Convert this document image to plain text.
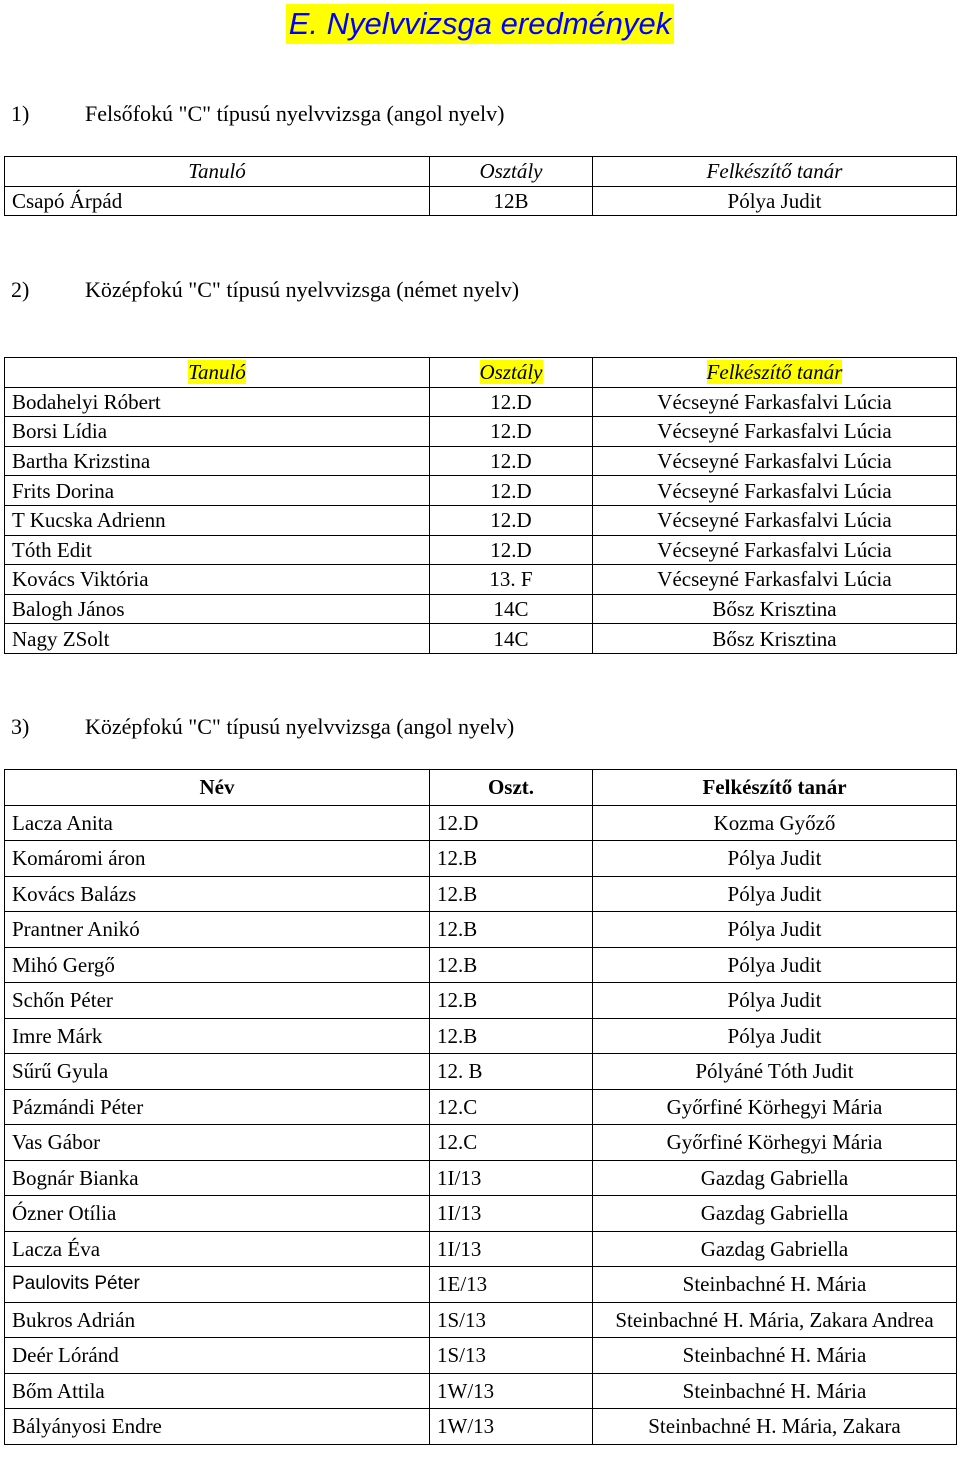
E. Nyelvvizsga eredmények
1)	Felsőfokú "C" típusú nyelvvizsga (angol nyelv)
Tanuló	Osztály	Felkészítő tanár
Csapó Árpád	12B	Pólya Judit
2)	Középfokú "C" típusú nyelvvizsga (német nyelv)
Tanuló	Osztály	Felkészítő tanár
Bodahelyi Róbert	12.D	Vécseyné Farkasfalvi Lúcia
Borsi Lídia	12.D	Vécseyné Farkasfalvi Lúcia
Bartha Krizstina	12.D	Vécseyné Farkasfalvi Lúcia
Frits Dorina	12.D	Vécseyné Farkasfalvi Lúcia
T Kucska Adrienn	12.D	Vécseyné Farkasfalvi Lúcia
Tóth Edit	12.D	Vécseyné Farkasfalvi Lúcia
Kovács Viktória	13. F	Vécseyné Farkasfalvi Lúcia
Balogh János	14C	Bősz Krisztina
Nagy ZSolt	14C	Bősz Krisztina
3)	Középfokú "C" típusú nyelvvizsga (angol nyelv)
Név	Oszt.	Felkészítő tanár
Lacza Anita	12.D	Kozma Győző
Komáromi áron	12.B	Pólya Judit
Kovács Balázs	12.B	Pólya Judit
Prantner Anikó	12.B	Pólya Judit
Mihó Gergő	12.B	Pólya Judit
Schőn Péter	12.B	Pólya Judit
Imre Márk	12.B	Pólya Judit
Sűrű Gyula	12. B	Pólyáné Tóth Judit
Pázmándi Péter	12.C	Győrfiné Körhegyi Mária
Vas Gábor	12.C	Győrfiné Körhegyi Mária
Bognár Bianka	1I/13	Gazdag Gabriella
Ózner Otília	1I/13	Gazdag Gabriella
Lacza Éva	1I/13	Gazdag Gabriella
Paulovits Péter	1E/13	Steinbachné H. Mária
Bukros Adrián	1S/13	Steinbachné H. Mária, Zakara Andrea
Deér Lóránd	1S/13	Steinbachné H. Mária
Bőm Attila	1W/13	Steinbachné H. Mária
Bályányosi Endre	1W/13	Steinbachné H. Mária, Zakara
